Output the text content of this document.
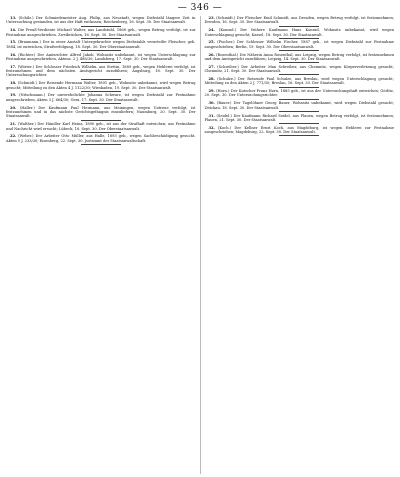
— 346 —

13. (Schilz.) Der Schmiedemeister Aug. Philip, aus Neustadt, wegen Diebstahl längere Zeit in Untersuchung gestanden, ist aus der Haft entlassen; Reichenberg, 16. Sept. 30. Der Staatsanwalt.

14. Die Preuß-Verdiente Michael Walter, aus Landstuhl, 1868 geb., wegen Betrug verfolgt, ist zur Festnahme ausgeschrieben. Zweibrücken, 16. Sept. 30. Der Staatsanwalt.

15. (Braumann.) Der in einer Anstalt Untergebrachte wegen Diebstahls verurteilte Fleischer, geb. 1884, ist entwichen, Strafverfolgung, 18. Sept. 30. Der Oberstaatsanwalt.

16. (Richter.) Der Amtsrichter Alfred Jakob, Wohnsitz unbekannt, ist wegen Unterschlagung zur Festnahme ausgeschrieben, Aktenz. 2 J. 488/30; Landsberg, 17. Sept. 30. Der Staatsanwalt.

17. (Wörter.) Der Schlosser Friedrich Wilhelm, aus Stettin, 1889 geb., wegen Hehlerei verfolgt, ist festzunehmen und dem nächsten Amtsgericht zuzuführen; Augsburg, 18. Sept. 30. Der Untersuchungsrichter.

18. (Schmidt.) Der Reisende Hermann Walter, 1891 geb., Wohnsitz unbekannt, wird wegen Betrug gesucht; Mitteilung zu den Akten 4 J. 1122/30; Wiesbaden, 19. Sept. 30. Der Staatsanwalt.

19. (Nitschmann.) Der unverehelichte Johanna Schwarz, ist wegen Diebstahl zur Festnahme ausgeschrieben, Akten 3 J. 664/30; Gera, 17. Sept. 30. Der Staatsanwalt.

20. (Haller.) Der Kaufmann Paul Hermann, aus Meiningen, wegen Untreue verfolgt, ist festzunehmen und in das nächste Gerichtsgefängnis einzuliefern; Naumburg, 20. Sept. 30. Der Staatsanwalt.

21. (Walther.) Der Händler Karl Heinz, 1890 geb., ist aus der Strafhaft entwichen; um Festnahme und Nachricht wird ersucht; Lübeck, 18. Sept. 30. Der Oberstaatsanwalt.

22. (Weber.) Der Arbeiter Otto Müller, aus Halle, 1893 geb., wegen Sachbeschädigung gesucht, Akten 5 J. 233/30; Eisenberg, 22. Sept. 30. Justizamt der Staatsanwaltschaft.

23. (Schmidt.) Der Fleischer Emil Schmidt, aus Dresden, wegen Betrug verfolgt, ist festzunehmen; Dresden, 16. Sept. 30. Der Staatsanwalt.

24. (Konrad.) Der frühere Kaufmann Hans Konrad, Wohnsitz unbekannt, wird wegen Unterschlagung gesucht; Kassel, 18. Sept. 30. Der Staatsanwalt.

25. (Fischer.) Der Schlosser Wilhelm Fischer, 1887 geb., ist wegen Diebstahl zur Festnahme ausgeschrieben; Berlin, 19. Sept. 30. Der Oberstaatsanwalt.

26. (Rosenthal.) Die Näherin Anna Rosenthal, aus Leipzig, wegen Betrug verfolgt, ist festzunehmen und dem Amtsgericht zuzuführen; Leipzig, 14. Sept. 30. Der Staatsanwalt.

27. (Schreiber.) Der Arbeiter Max Schreiber, aus Chemnitz, wegen Körperverletzung gesucht; Chemnitz, 21. Sept. 30. Der Staatsanwalt.

28. (Schulze.) Der Reisende Paul Schulze, aus Breslau, wird wegen Unterschlagung gesucht; Mitteilung zu den Akten 2 J. 771/30; Breslau, 16. Sept. 30. Der Staatsanwalt.

29. (Horn.) Der Kutscher Franz Horn, 1885 geb., ist aus der Untersuchungshaft entwichen; Görlitz, 20. Sept. 30. Der Untersuchungsrichter.

30. (Bauer.) Der Tagelöhner Georg Bauer, Wohnsitz unbekannt, wird wegen Diebstahl gesucht; Zwickau, 18. Sept. 30. Der Staatsanwalt.

31. (Seidel.) Der Kaufmann Richard Seidel, aus Plauen, wegen Betrug verfolgt, ist festzunehmen; Plauen, 21. Sept. 30. Der Staatsanwalt.

32. (Koch.) Der Kellner Ernst Koch, aus Magdeburg, ist wegen Hehlerei zur Festnahme ausgeschrieben; Magdeburg, 22. Sept. 30. Der Staatsanwalt.
